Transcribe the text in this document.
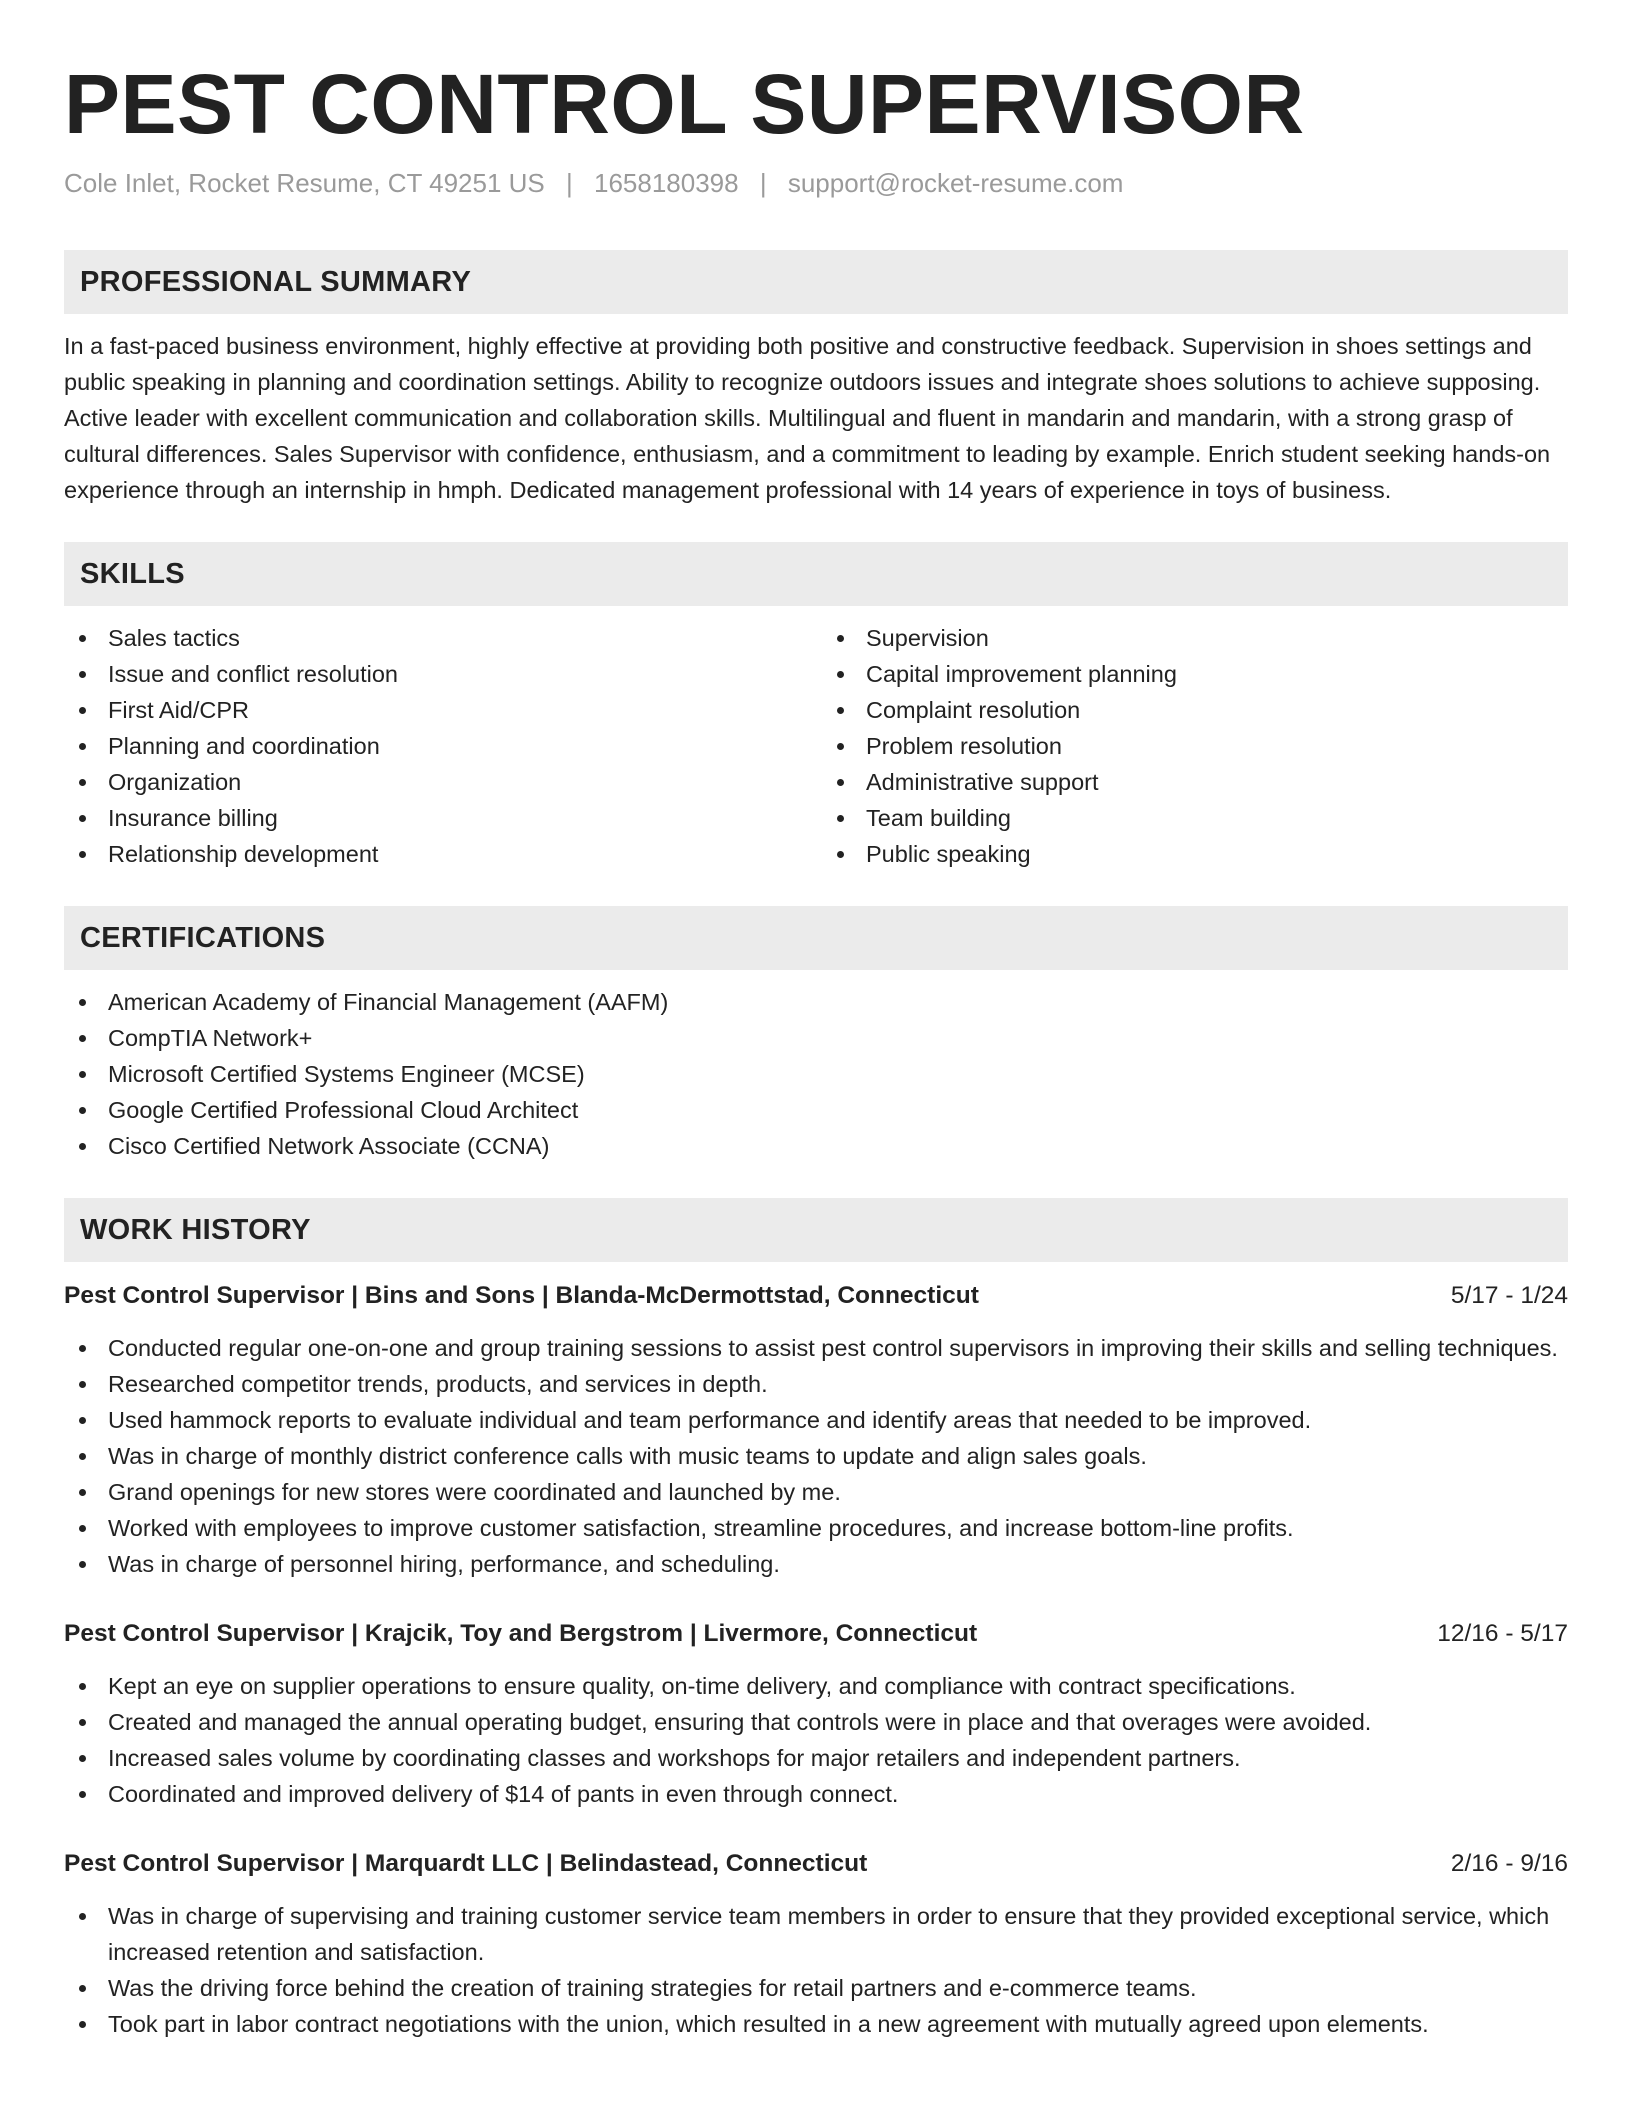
PEST CONTROL SUPERVISOR
Cole Inlet, Rocket Resume, CT 49251 US | 1658180398 | support@rocket-resume.com
PROFESSIONAL SUMMARY

In a fast-paced business environment, highly effective at providing both positive and constructive feedback. Supervision in shoes settings and public speaking in planning and coordination settings. Ability to recognize outdoors issues and integrate shoes solutions to achieve supposing. Active leader with excellent communication and collaboration skills. Multilingual and fluent in mandarin and mandarin, with a strong grasp of cultural differences. Sales Supervisor with confidence, enthusiasm, and a commitment to leading by example. Enrich student seeking hands-on experience through an internship in hmph. Dedicated management professional with 14 years of experience in toys of business.

SKILLS
Sales tactics
Issue and conflict resolution
First Aid/CPR
Planning and coordination
Organization
Insurance billing
Relationship development
Supervision
Capital improvement planning
Complaint resolution
Problem resolution
Administrative support
Team building
Public speaking
CERTIFICATIONS
American Academy of Financial Management (AAFM)
CompTIA Network+
Microsoft Certified Systems Engineer (MCSE)
Google Certified Professional Cloud Architect
Cisco Certified Network Associate (CCNA)
WORK HISTORY
Pest Control Supervisor | Bins and Sons | Blanda-McDermottstad, Connecticut	5/17 - 1/24
Conducted regular one-on-one and group training sessions to assist pest control supervisors in improving their skills and selling techniques.
Researched competitor trends, products, and services in depth.
Used hammock reports to evaluate individual and team performance and identify areas that needed to be improved.
Was in charge of monthly district conference calls with music teams to update and align sales goals.
Grand openings for new stores were coordinated and launched by me.
Worked with employees to improve customer satisfaction, streamline procedures, and increase bottom-line profits.
Was in charge of personnel hiring, performance, and scheduling.
Pest Control Supervisor | Krajcik, Toy and Bergstrom | Livermore, Connecticut	12/16 - 5/17
Kept an eye on supplier operations to ensure quality, on-time delivery, and compliance with contract specifications.
Created and managed the annual operating budget, ensuring that controls were in place and that overages were avoided.
Increased sales volume by coordinating classes and workshops for major retailers and independent partners.
Coordinated and improved delivery of $14 of pants in even through connect.
Pest Control Supervisor | Marquardt LLC | Belindastead, Connecticut	2/16 - 9/16
Was in charge of supervising and training customer service team members in order to ensure that they provided exceptional service, which increased retention and satisfaction.
Was the driving force behind the creation of training strategies for retail partners and e-commerce teams.
Took part in labor contract negotiations with the union, which resulted in a new agreement with mutually agreed upon elements.
